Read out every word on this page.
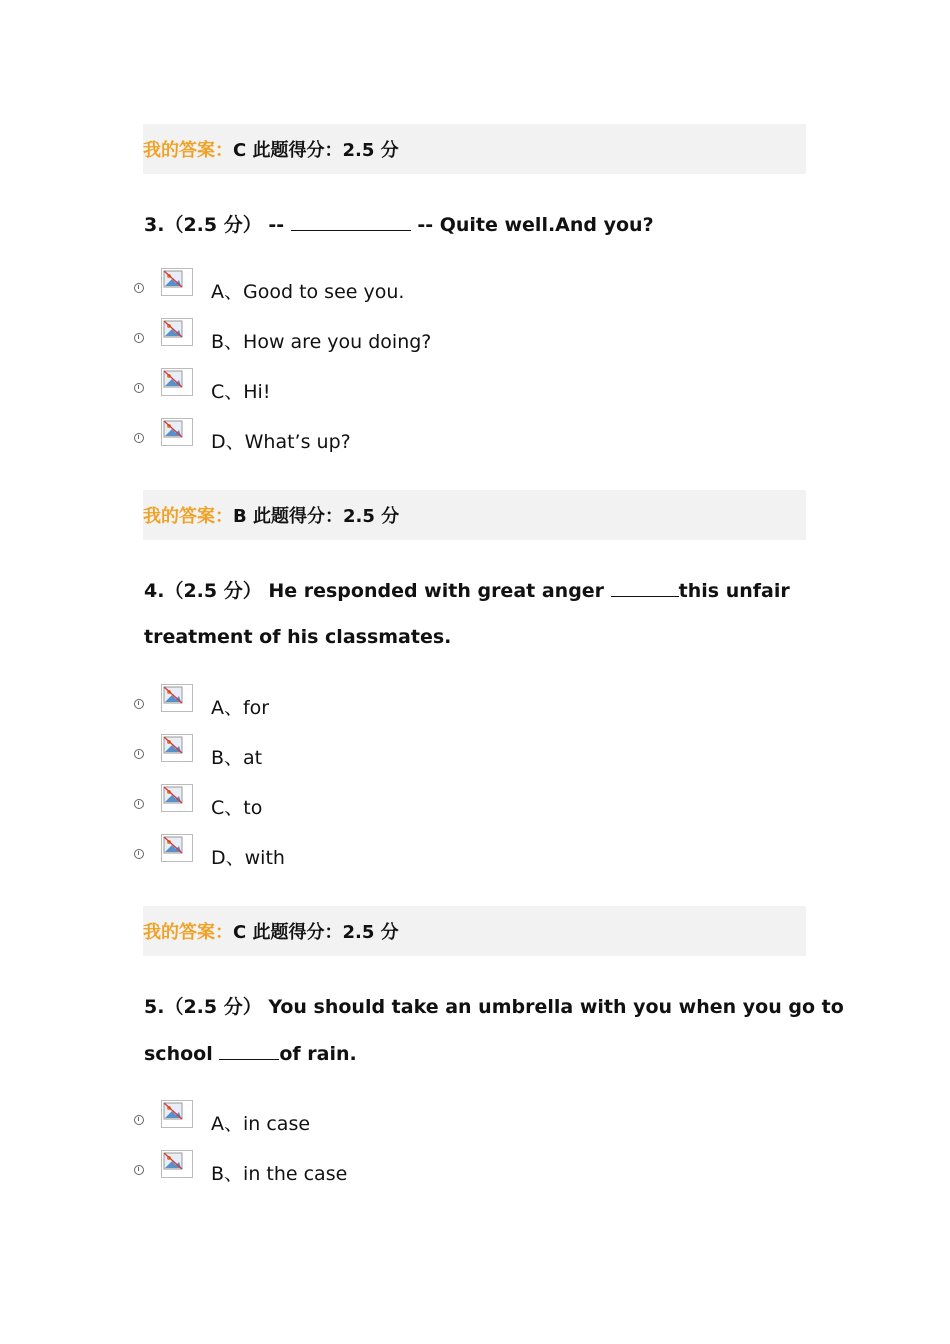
我的答案： C 此题得分：2.5 分
3.（2.5 分） --	-- Quite well.And you?
A、Good to see you.
B、How are you doing?
C、Hi!
D、What’s up?
我的答案： B 此题得分：2.5 分
4.（2.5 分） He responded with great anger	this unfair
treatment of his classmates.
A、for
B、at
C、to
D、with
我的答案： C 此题得分：2.5 分
5.（2.5 分） You should take an umbrella with you when you go to
school	of rain.
A、in case
B、in the case
